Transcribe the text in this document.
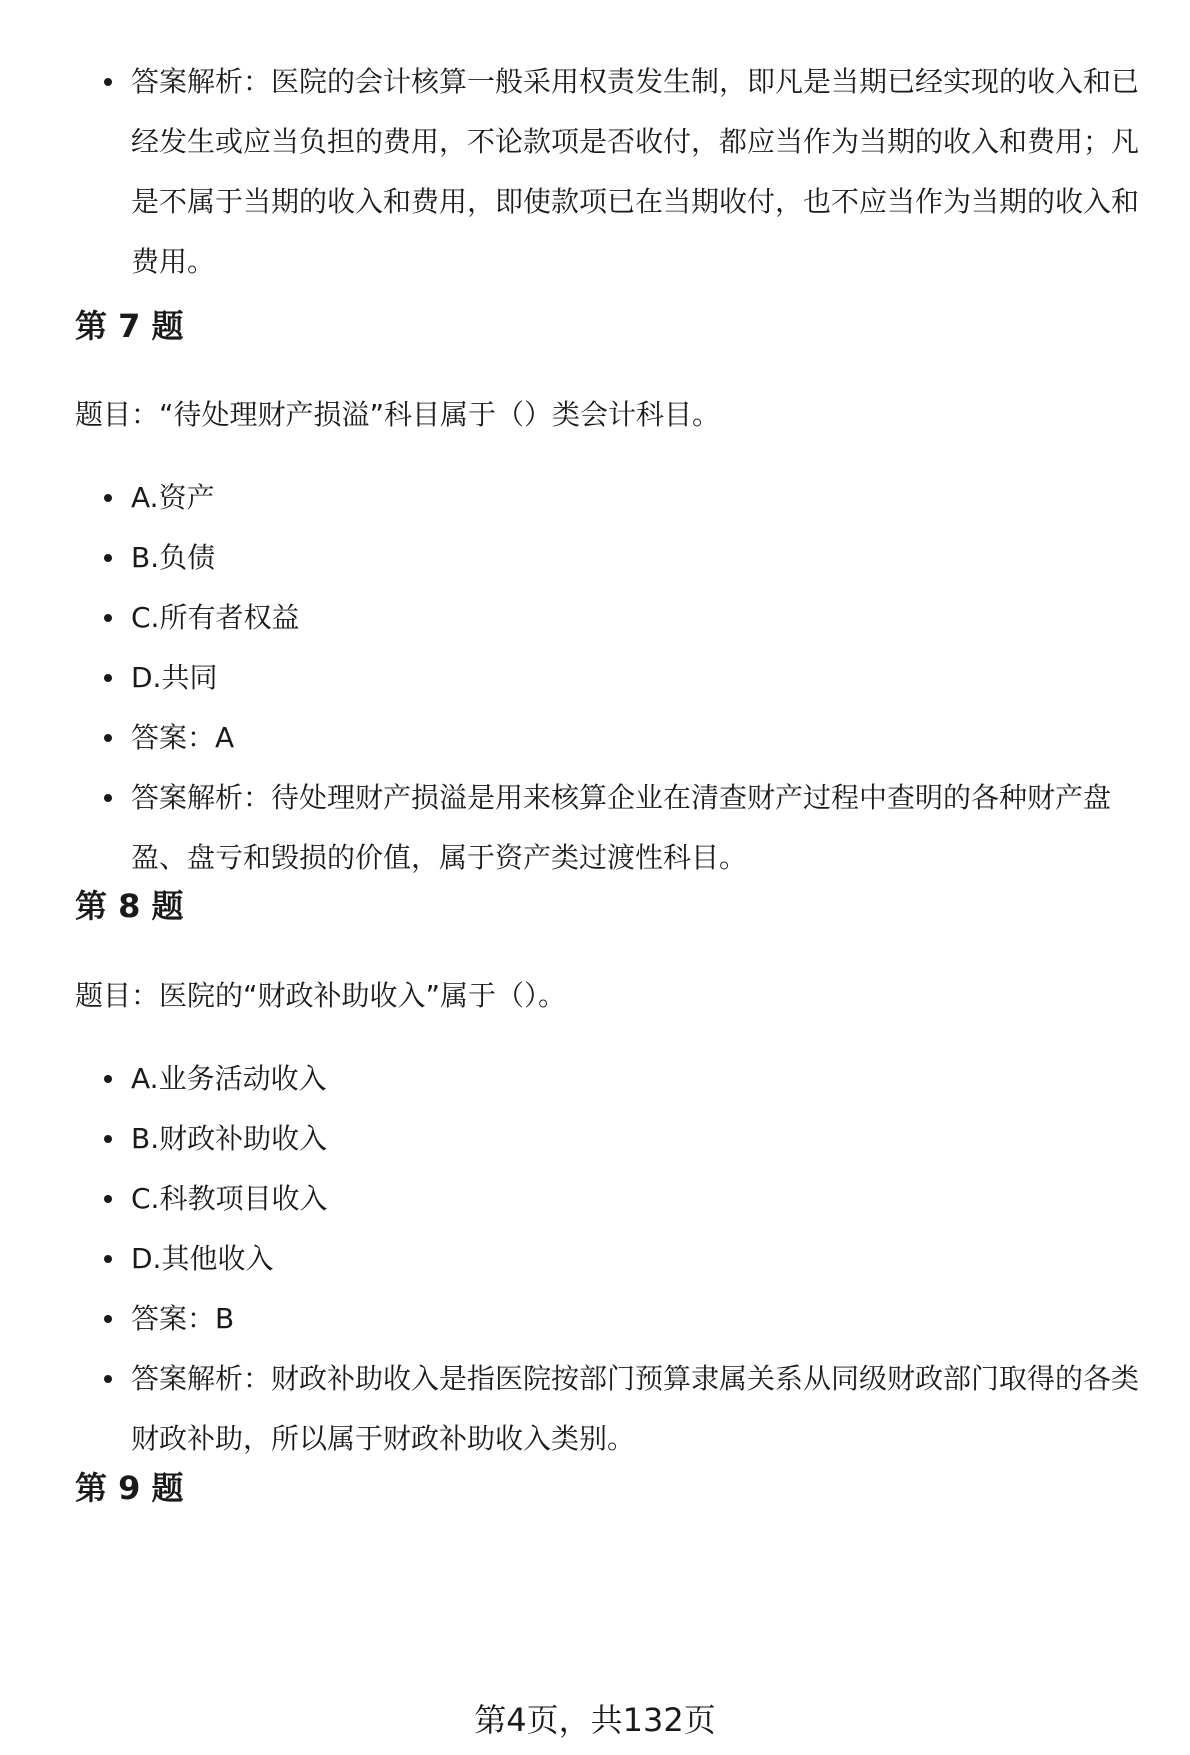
答案解析：医院的会计核算一般采用权责发生制，即凡是当期已经实现的收入和已经发生或应当负担的费用，不论款项是否收付，都应当作为当期的收入和费用；凡是不属于当期的收入和费用，即使款项已在当期收付，也不应当作为当期的收入和费用。
第 7 题
题目：“待处理财产损溢”科目属于（）类会计科目。
A.资产
B.负债
C.所有者权益
D.共同
答案：A
答案解析：待处理财产损溢是用来核算企业在清查财产过程中查明的各种财产盘盈、盘亏和毁损的价值，属于资产类过渡性科目。
第 8 题
题目：医院的“财政补助收入”属于（）。
A.业务活动收入
B.财政补助收入
C.科教项目收入
D.其他收入
答案：B
答案解析：财政补助收入是指医院按部门预算隶属关系从同级财政部门取得的各类财政补助，所以属于财政补助收入类别。
第 9 题
第4页，共132页
